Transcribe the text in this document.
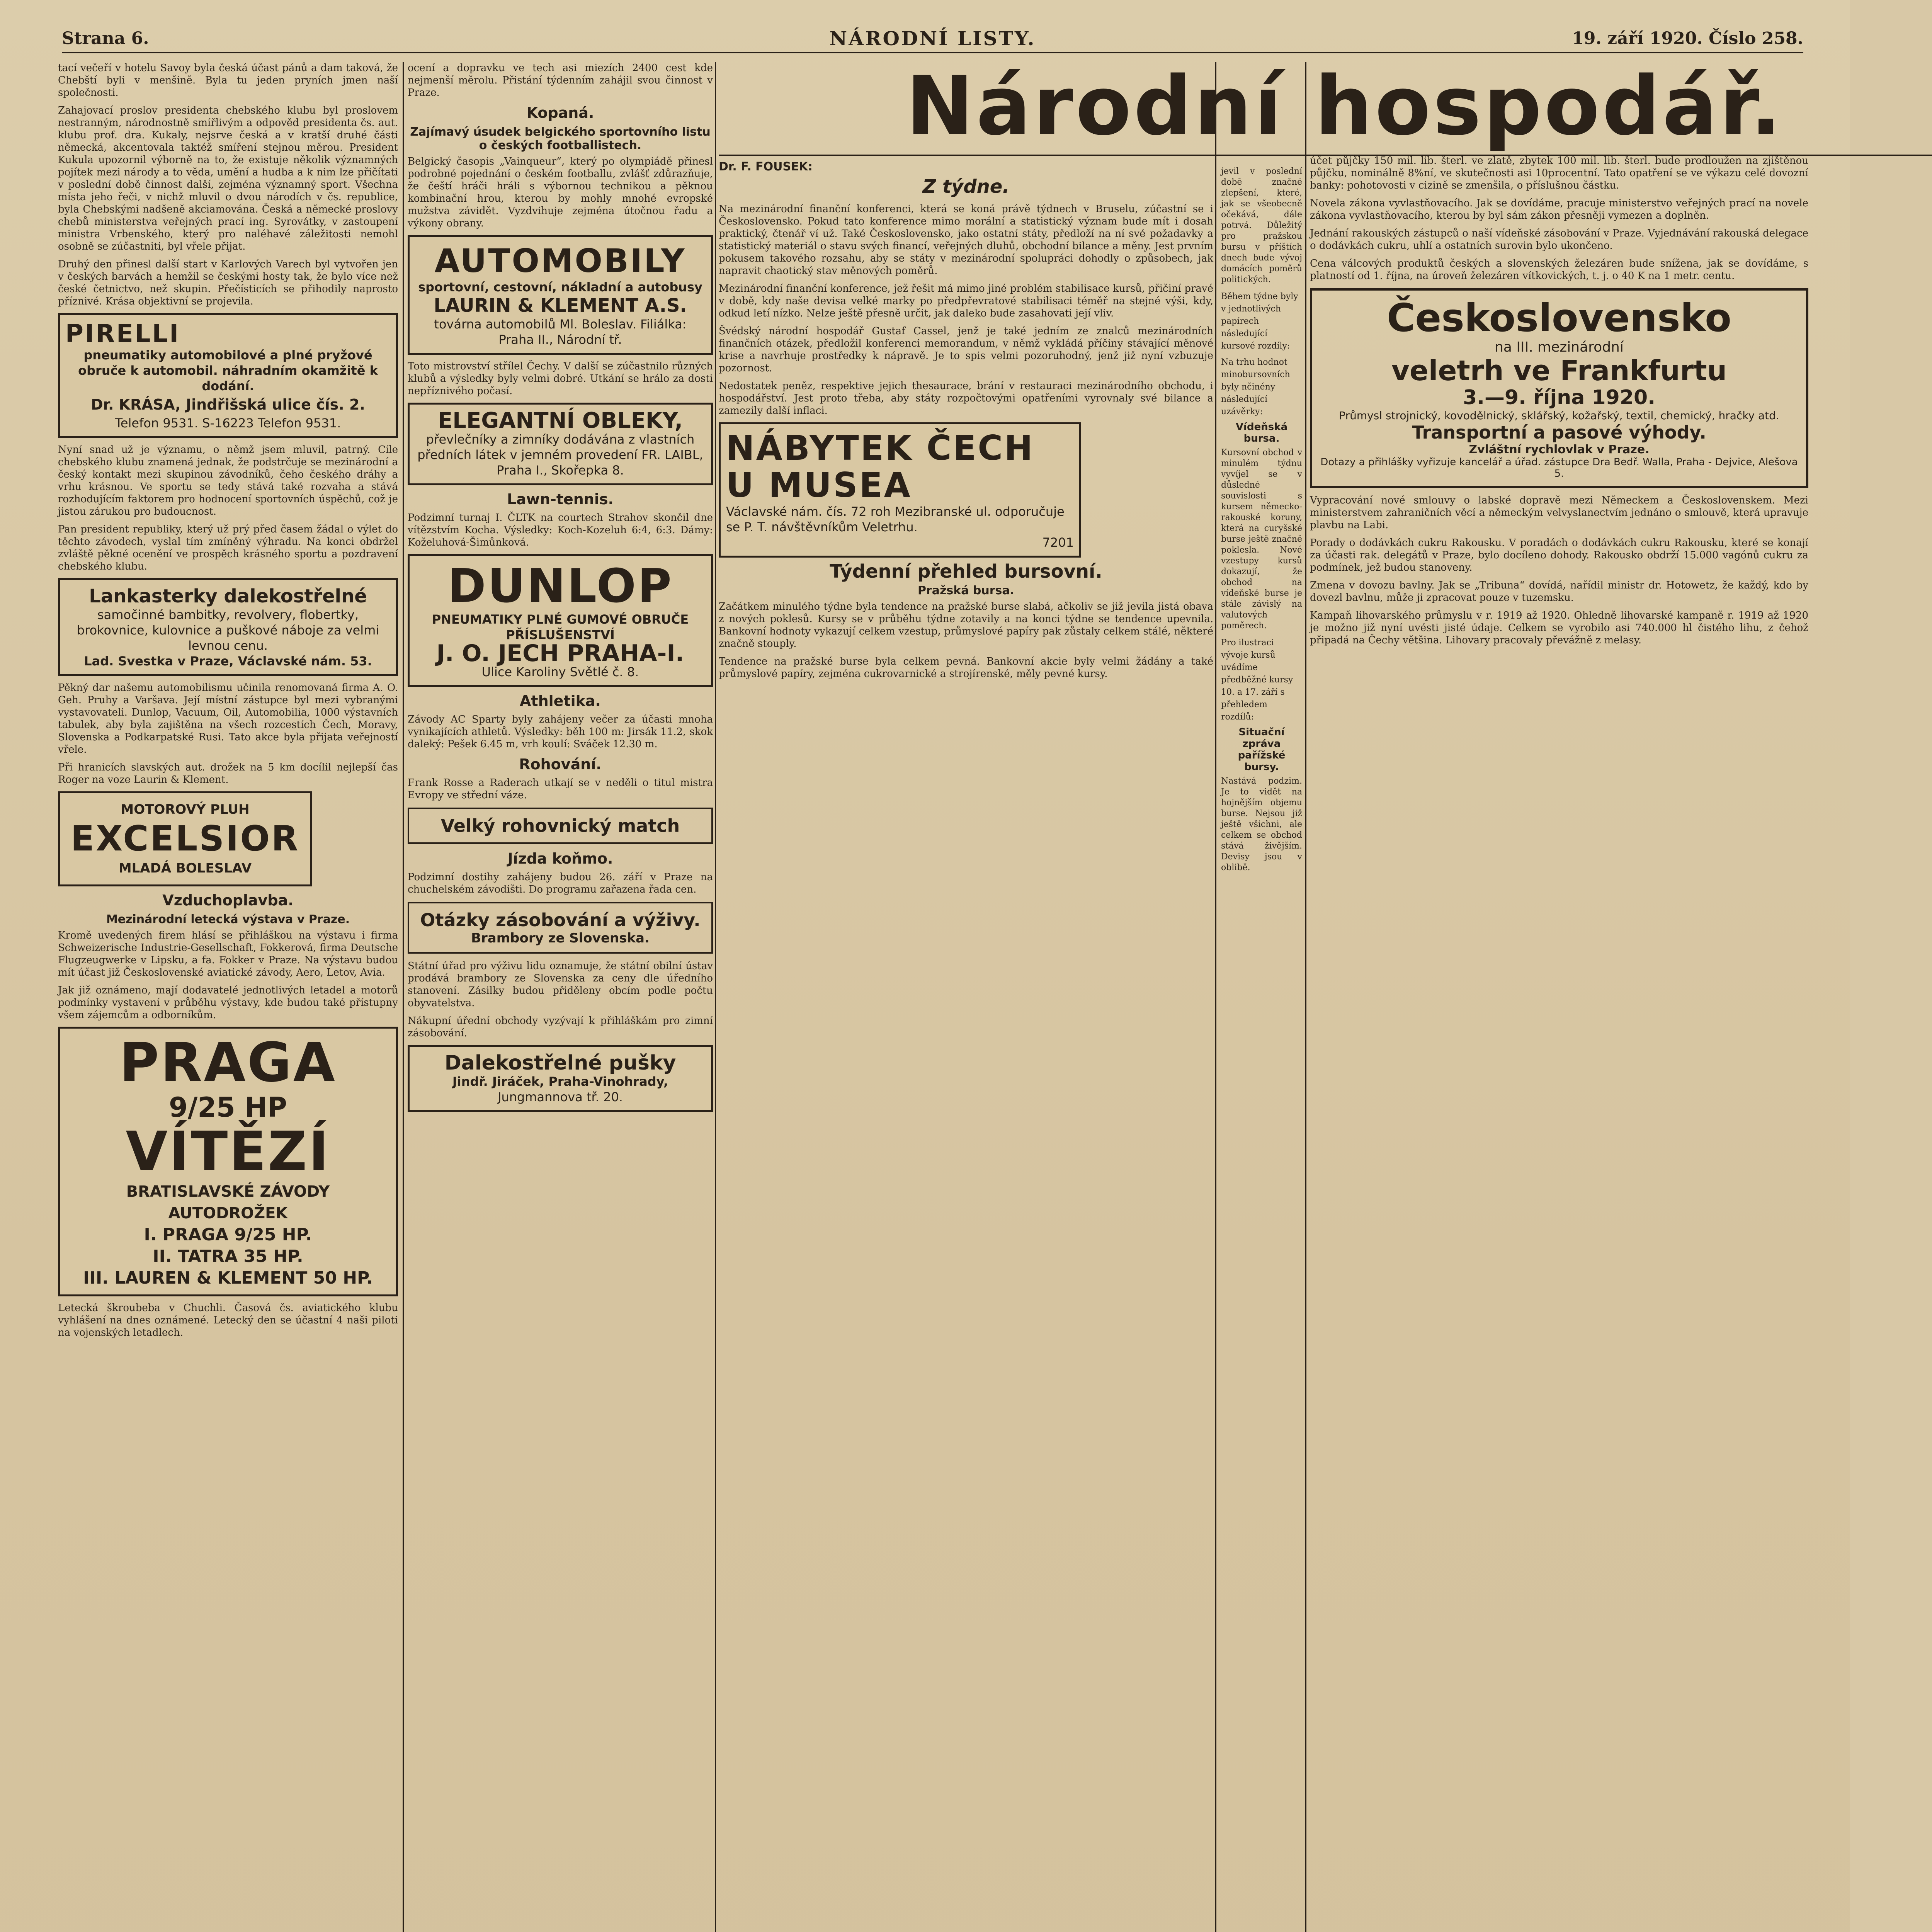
Strana 6.	NÁRODNÍ LISTY.	19. září 1920. Číslo 258.

tací večeří v hotelu Savoy byla česká účast pánů a dam taková, že Chebští byli v menšině. Byla tu jeden pryních jmen naší společnosti.

Zahajovací proslov presidenta chebského klubu byl proslovem nestranným, národnostně smířlivým a odpověd presidenta čs. aut. klubu prof. dra. Kukaly, nejsrve česká a v kratší druhé části německá, akcentovala taktéž smíření stejnou měrou. President Kukula upozornil výborně na to, že existuje několik významných pojítek mezi národy a to věda, umění a hudba a k nim lze přičítati v poslední době činnost další, zejména významný sport. Všechna místa jeho řeči, v nichž mluvil o dvou národích v čs. republice, byla Chebskými nadšeně akciamována. Česká a německé proslovy chebů ministerstva veřejných prací ing. Syrovátky, v zastoupení ministra Vrbenského, který pro naléhavé záležitosti nemohl osobně se zúčastniti, byl vřele přijat.

Druhý den přinesl další start v Karlových Varech byl vytvořen jen v českých barvách a hemžil se českými hosty tak, že bylo více než české četnictvo, než skupin. Přečísticích se přihodily naprosto příznivé. Krása objektivní se projevila.

PIRELLI
pneumatiky automobilové a plné pryžové obruče k automobil. náhradním okamžitě k dodání.
Dr. KRÁSA, Jindřišská ulice čís. 2.
Telefon 9531. S-16223 Telefon 9531.

Nyní snad už je významu, o němž jsem mluvil, patrný. Cíle chebského klubu znamená jednak, že podstrčuje se mezinárodní a český kontakt mezi skupinou závodníků, čeho českého dráhy a vrhu krásnou. Ve sportu se tedy stává také rozvaha a stává rozhodujícím faktorem pro hodnocení sportovních úspěchů, což je jistou zárukou pro budoucnost.

Pan president republiky, který už prý před časem žádal o výlet do těchto závodech, vyslal tím zmíněný výhradu. Na konci obdržel zvláště pěkné ocenění ve prospěch krásného sportu a pozdravení chebského klubu.

Lankasterky dalekostřelné
samočinné bambitky, revolvery, flobertky, brokovnice, kulovnice a puškové náboje za velmi levnou cenu.
Lad. Svestka v Praze, Václavské nám. 53.

Pěkný dar našemu automobilismu učinila renomovaná firma A. O. Geh. Pruhy a Varšava. Její místní zástupce byl mezi vybranými vystavovateli. Dunlop, Vacuum, Oil, Automobilia, 1000 výstavních tabulek, aby byla zajištěna na všech rozcestích Čech, Moravy, Slovenska a Podkarpatské Rusi. Tato akce byla přijata veřejností vřele.

Při hranicích slavských aut. drožek na 5 km docílil nejlepší čas Roger na voze Laurin & Klement.

MOTOROVÝ PLUH
EXCELSIOR
MLADÁ BOLESLAV
Vzduchoplavba.
Mezinárodní letecká výstava v Praze.

Kromě uvedených firem hlásí se přihláškou na výstavu i firma Schweizerische Industrie-Gesellschaft, Fokkerová, firma Deutsche Flugzeugwerke v Lipsku, a fa. Fokker v Praze. Na výstavu budou mít účast již Československé aviatické závody, Aero, Letov, Avia.

Jak již oznámeno, mají dodavatelé jednotlivých letadel a motorů podmínky vystavení v průběhu výstavy, kde budou také přístupny všem zájemcům a odborníkům.

PRAGA
9/25 HP
VÍTĚZÍ
BRATISLAVSKÉ ZÁVODY AUTODROŽEK
I. PRAGA 9/25 HP.
II. TATRA 35 HP.
III. LAUREN & KLEMENT 50 HP.

Letecká škroubeba v Chuchli. Časová čs. aviatického klubu vyhlášení na dnes oznámené. Letecký den se účastní 4 naši piloti na vojenských letadlech.

ocení a dopravku ve tech asi miezích 2400 cest kde nejmenší měrolu. Přistání týdenním zahájil svou činnost v Praze.

Kopaná.
Zajímavý úsudek belgického sportovního listu o českých footballistech.

Belgický časopis „Vainqueur“, který po olympiádě přinesl podrobné pojednání o českém footballu, zvlášť zdůrazňuje, že čeští hráči hráli s výbornou technikou a pěknou kombinační hrou, kterou by mohly mnohé evropské mužstva závidět. Vyzdvihuje zejména útočnou řadu a výkony obrany.

AUTOMOBILY
sportovní, cestovní, nákladní a autobusy
LAURIN & KLEMENT A.S.
továrna automobilů Ml. Boleslav. Filiálka: Praha II., Národní tř.

Toto mistrovství střílel Čechy. V další se zúčastnilo různých klubů a výsledky byly velmi dobré. Utkání se hrálo za dosti nepříznivého počasí.

ELEGANTNÍ OBLEKY,
převlečníky a zimníky dodávána z vlastních předních látek v jemném provedení FR. LAIBL, Praha I., Skořepka 8.
Lawn-tennis.

Podzimní turnaj I. ČLTK na courtech Strahov skončil dne vítězstvím Kocha. Výsledky: Koch-Kozeluh 6:4, 6:3. Dámy: Koželuhová-Šimůnková.

DUNLOP
PNEUMATIKY PLNÉ GUMOVÉ OBRUČE PŘÍSLUŠENSTVÍ
J. O. JECH PRAHA-I.
Ulice Karoliny Světlé č. 8.
Athletika.

Závody AC Sparty byly zahájeny večer za účasti mnoha vynikajících athletů. Výsledky: běh 100 m: Jirsák 11.2, skok daleký: Pešek 6.45 m, vrh koulí: Sváček 12.30 m.

Rohování.

Frank Rosse a Raderach utkají se v neděli o titul mistra Evropy ve střední váze.

Velký rohovnický match
Jízda koňmo.

Podzimní dostihy zahájeny budou 26. září v Praze na chuchelském závodišti. Do programu zařazena řada cen.

Otázky zásobování a výživy.
Brambory ze Slovenska.

Státní úřad pro výživu lidu oznamuje, že státní obilní ústav prodává brambory ze Slovenska za ceny dle úředního stanovení. Zásilky budou přiděleny obcím podle počtu obyvatelstva.

Nákupní úřední obchody vyzývají k přihláškám pro zimní zásobování.

Dalekostřelné pušky
Jindř. Jiráček, Praha-Vinohrady,
Jungmannova tř. 20.
Národní hospodář.
Dr. F. FOUSEK:
Z týdne.

Na mezinárodní finanční konferenci, která se koná právě týdnech v Bruselu, zúčastní se i Československo. Pokud tato konference mimo morální a statistický význam bude mít i dosah praktický, čtenář ví už. Také Československo, jako ostatní státy, předloží na ní své požadavky a statistický materiál o stavu svých financí, veřejných dluhů, obchodní bilance a měny. Jest prvním pokusem takového rozsahu, aby se státy v mezinárodní spolupráci dohodly o způsobech, jak napravit chaotický stav měnových poměrů.

Mezinárodní finanční konference, jež řešit má mimo jiné problém stabilisace kursů, přičiní pravé v době, kdy naše devisa velké marky po předpřevratové stabilisaci téměř na stejné výši, kdy, odkud letí nízko. Nelze ještě přesně určit, jak daleko bude zasahovati její vliv.

Švédský národní hospodář Gustaf Cassel, jenž je také jedním ze znalců mezinárodních finančních otázek, předložil konferenci memorandum, v němž vykládá příčiny stávající měnové krise a navrhuje prostředky k nápravě. Je to spis velmi pozoruhodný, jenž již nyní vzbuzuje pozornost.

Nedostatek peněz, respektive jejich thesaurace, brání v restauraci mezinárodního obchodu, i hospodářství. Jest proto třeba, aby státy rozpočtovými opatřeními vyrovnaly své bilance a zamezily další inflaci.

NÁBYTEK ČECH U MUSEA
Václavské nám. čís. 72 roh Mezibranské ul. odporučuje se P. T. návštěvníkům Veletrhu.
7201
Týdenní přehled bursovní.
Pražská bursa.

Začátkem minulého týdne byla tendence na pražské burse slabá, ačkoliv se již jevila jistá obava z nových poklesů. Kursy se v průběhu týdne zotavily a na konci týdne se tendence upevnila. Bankovní hodnoty vykazují celkem vzestup, průmyslové papíry pak zůstaly celkem stálé, některé značně stouply.

Tendence na pražské burse byla celkem pevná. Bankovní akcie byly velmi žádány a také průmyslové papíry, zejména cukrovarnické a strojírenské, měly pevné kursy.

účet půjčky 150 mil. lib. šterl. ve zlatě, zbytek 100 mil. lib. šterl. bude prodloužen na zjištěnou půjčku, nominálně 8%ní, ve skutečnosti asi 10procentní. Tato opatření se ve výkazu celé dovozní banky: pohotovosti v cizině se zmenšila, o příslušnou částku.

Novela zákona vyvlastňovacího. Jak se dovídáme, pracuje ministerstvo veřejných prací na novele zákona vyvlastňovacího, kterou by byl sám zákon přesněji vymezen a doplněn.

Jednání rakouských zástupců o naší vídeňské zásobování v Praze. Vyjednávání rakouská delegace o dodávkách cukru, uhlí a ostatních surovin bylo ukončeno.

Cena válcových produktů českých a slovenských železáren bude snížena, jak se dovídáme, s platností od 1. října, na úroveň železáren vítkovických, t. j. o 40 K na 1 metr. centu.

Československo
na III. mezinárodní
veletrh ve Frankfurtu
3.—9. října 1920.
Průmysl strojnický, kovodělnický, sklářský, kožařský, textil, chemický, hračky atd.
Transportní a pasové výhody.
Zvláštní rychlovlak v Praze.
Dotazy a přihlášky vyřizuje kancelář a úřad. zástupce Dra Bedř. Walla, Praha - Dejvice, Alešova 5.

Vypracování nové smlouvy o labské dopravě mezi Německem a Československem. Mezi ministerstvem zahraničních věcí a německým velvyslanectvím jednáno o smlouvě, která upravuje plavbu na Labi.

Porady o dodávkách cukru Rakousku. V poradách o dodávkách cukru Rakousku, které se konají za účasti rak. delegátů v Praze, bylo docíleno dohody. Rakousko obdrží 15.000 vagónů cukru za podmínek, jež budou stanoveny.

Zmena v dovozu bavlny. Jak se „Tribuna“ dovídá, nařídil ministr dr. Hotowetz, že každý, kdo by dovezl bavlnu, může ji zpracovat pouze v tuzemsku.

Kampaň lihovarského průmyslu v r. 1919 až 1920. Ohledně lihovarské kampaně r. 1919 až 1920 je možno již nyní uvésti jisté údaje. Celkem se vyrobilo asi 740.000 hl čistého lihu, z čehož připadá na Čechy většina. Lihovary pracovaly převážně z melasy.

jevil v poslední době značné zlepšení, které, jak se všeobecně očekává, dále potrvá. Důležitý pro pražskou bursu v příštích dnech bude vývoj domácích poměrů politických.

Během týdne byly v jednotlivých papírech následující kursové rozdíly:

Na trhu hodnot minobursovních byly nčinény následující uzávěrky:

Vídeňská bursa.

Kursovní obchod v minulém týdnu vyvíjel se v důsledné souvislosti s kursem německo-rakouské koruny, která na curyšské burse ještě značně poklesla. Nové vzestupy kursů dokazují, že obchod na vídeňské burse je stále závislý na valutových poměrech.

Pro ilustraci vývoje kursů uvádíme předběžné kursy 10. a 17. září s přehledem rozdílů:

Situační zpráva pařížské bursy.

Nastává podzim. Je to vidět na hojnějším objemu burse. Nejsou již ještě všichni, ale celkem se obchod stává živějším. Devisy jsou v oblibě.
